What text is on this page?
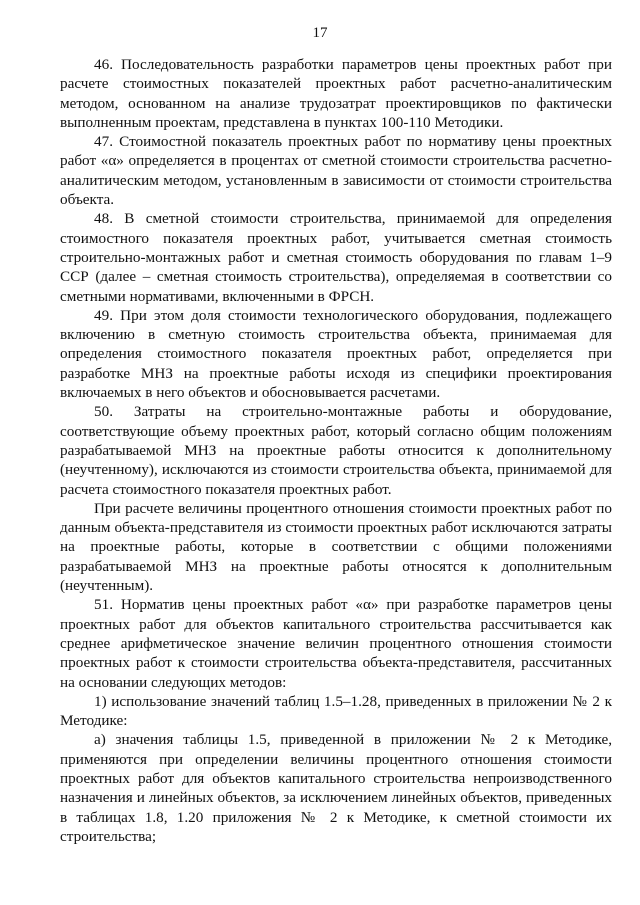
17

46. Последовательность разработки параметров цены проектных работ при расчете стоимостных показателей проектных работ расчетно-аналитическим методом, основанном на анализе трудозатрат проектировщиков по фактически выполненным проектам, представлена в пунктах 100-110 Методики.

47. Стоимостной показатель проектных работ по нормативу цены проектных работ «α» определяется в процентах от сметной стоимости строительства расчетно-аналитическим методом, установленным в зависимости от стоимости строительства объекта.

48. В сметной стоимости строительства, принимаемой для определения стоимостного показателя проектных работ, учитывается сметная стоимость строительно-монтажных работ и сметная стоимость оборудования по главам 1–9 ССР (далее – сметная стоимость строительства), определяемая в соответствии со сметными нормативами, включенными в ФРСН.

49. При этом доля стоимости технологического оборудования, подлежащего включению в сметную стоимость строительства объекта, принимаемая для определения стоимостного показателя проектных работ, определяется при разработке МНЗ на проектные работы исходя из специфики проектирования включаемых в него объектов и обосновывается расчетами.

50. Затраты на строительно-монтажные работы и оборудование, соответствующие объему проектных работ, который согласно общим положениям разрабатываемой МНЗ на проектные работы относится к дополнительному (неучтенному), исключаются из стоимости строительства объекта, принимаемой для расчета стоимостного показателя проектных работ.

При расчете величины процентного отношения стоимости проектных работ по данным объекта-представителя из стоимости проектных работ исключаются затраты на проектные работы, которые в соответствии с общими положениями разрабатываемой МНЗ на проектные работы относятся к дополнительным (неучтенным).

51. Норматив цены проектных работ «α» при разработке параметров цены проектных работ для объектов капитального строительства рассчитывается как среднее арифметическое значение величин процентного отношения стоимости проектных работ к стоимости строительства объекта-представителя, рассчитанных на основании следующих методов:

1) использование значений таблиц 1.5–1.28, приведенных в приложении № 2 к Методике:

а) значения таблицы 1.5, приведенной в приложении № 2 к Методике, применяются при определении величины процентного отношения стоимости проектных работ для объектов капитального строительства непроизводственного назначения и линейных объектов, за исключением линейных объектов, приведенных в таблицах 1.8, 1.20 приложения № 2 к Методике, к сметной стоимости их строительства;
